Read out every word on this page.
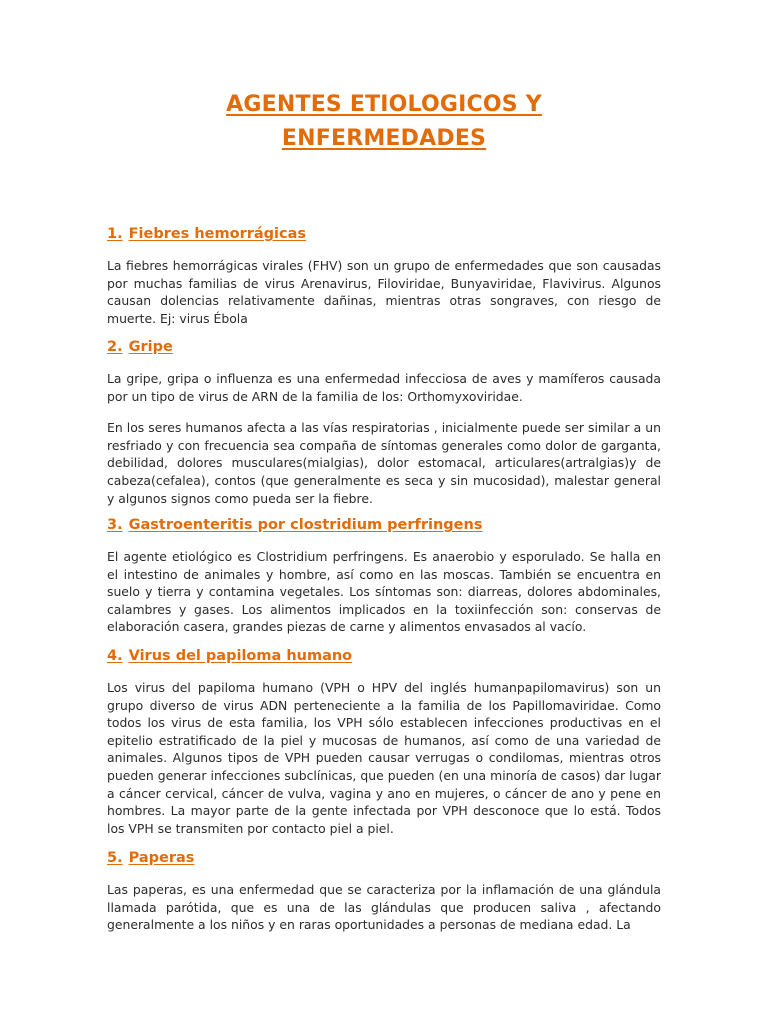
AGENTES ETIOLOGICOS Y
ENFERMEDADES
1. Fiebres hemorrágicas

La fiebres hemorrágicas virales (FHV) son un grupo de enfermedades que son causadas por muchas familias de virus Arenavirus, Filoviridae, Bunyaviridae, Flavivirus. Algunos causan dolencias relativamente dañinas, mientras otras songraves, con riesgo de muerte. Ej: virus Ébola

2. Gripe

La gripe, gripa o influenza es una enfermedad infecciosa de aves y mamíferos causada por un tipo de virus de ARN de la familia de los: Orthomyxoviridae.

En los seres humanos afecta a las vías respiratorias , inicialmente puede ser similar a un resfriado y con frecuencia sea compaña de síntomas generales como dolor de garganta, debilidad, dolores musculares(mialgias), dolor estomacal, articulares(artralgias)y de cabeza(cefalea), contos (que generalmente es seca y sin mucosidad), malestar general y algunos signos como pueda ser la fiebre.

3. Gastroenteritis por clostridium perfringens

El agente etiológico es Clostridium perfringens. Es anaerobio y esporulado. Se halla en el intestino de animales y hombre, así como en las moscas. También se encuentra en suelo y tierra y contamina vegetales. Los síntomas son: diarreas, dolores abdominales, calambres y gases. Los alimentos implicados en la toxiinfección son: conservas de elaboración casera, grandes piezas de carne y alimentos envasados al vacío.

4. Virus del papiloma humano

Los virus del papiloma humano (VPH o HPV del inglés humanpapilomavirus) son un grupo diverso de virus ADN perteneciente a la familia de los Papillomaviridae. Como todos los virus de esta familia, los VPH sólo establecen infecciones productivas en el epitelio estratificado de la piel y mucosas de humanos, así como de una variedad de animales. Algunos tipos de VPH pueden causar verrugas o condilomas, mientras otros pueden generar infecciones subclínicas, que pueden (en una minoría de casos) dar lugar a cáncer cervical, cáncer de vulva, vagina y ano en mujeres, o cáncer de ano y pene en hombres. La mayor parte de la gente infectada por VPH desconoce que lo está. Todos los VPH se transmiten por contacto piel a piel.

5. Paperas

Las paperas, es una enfermedad que se caracteriza por la inflamación de una glándula llamada parótida, que es una de las glándulas que producen saliva , afectando generalmente a los niños y en raras oportunidades a personas de mediana edad. La
